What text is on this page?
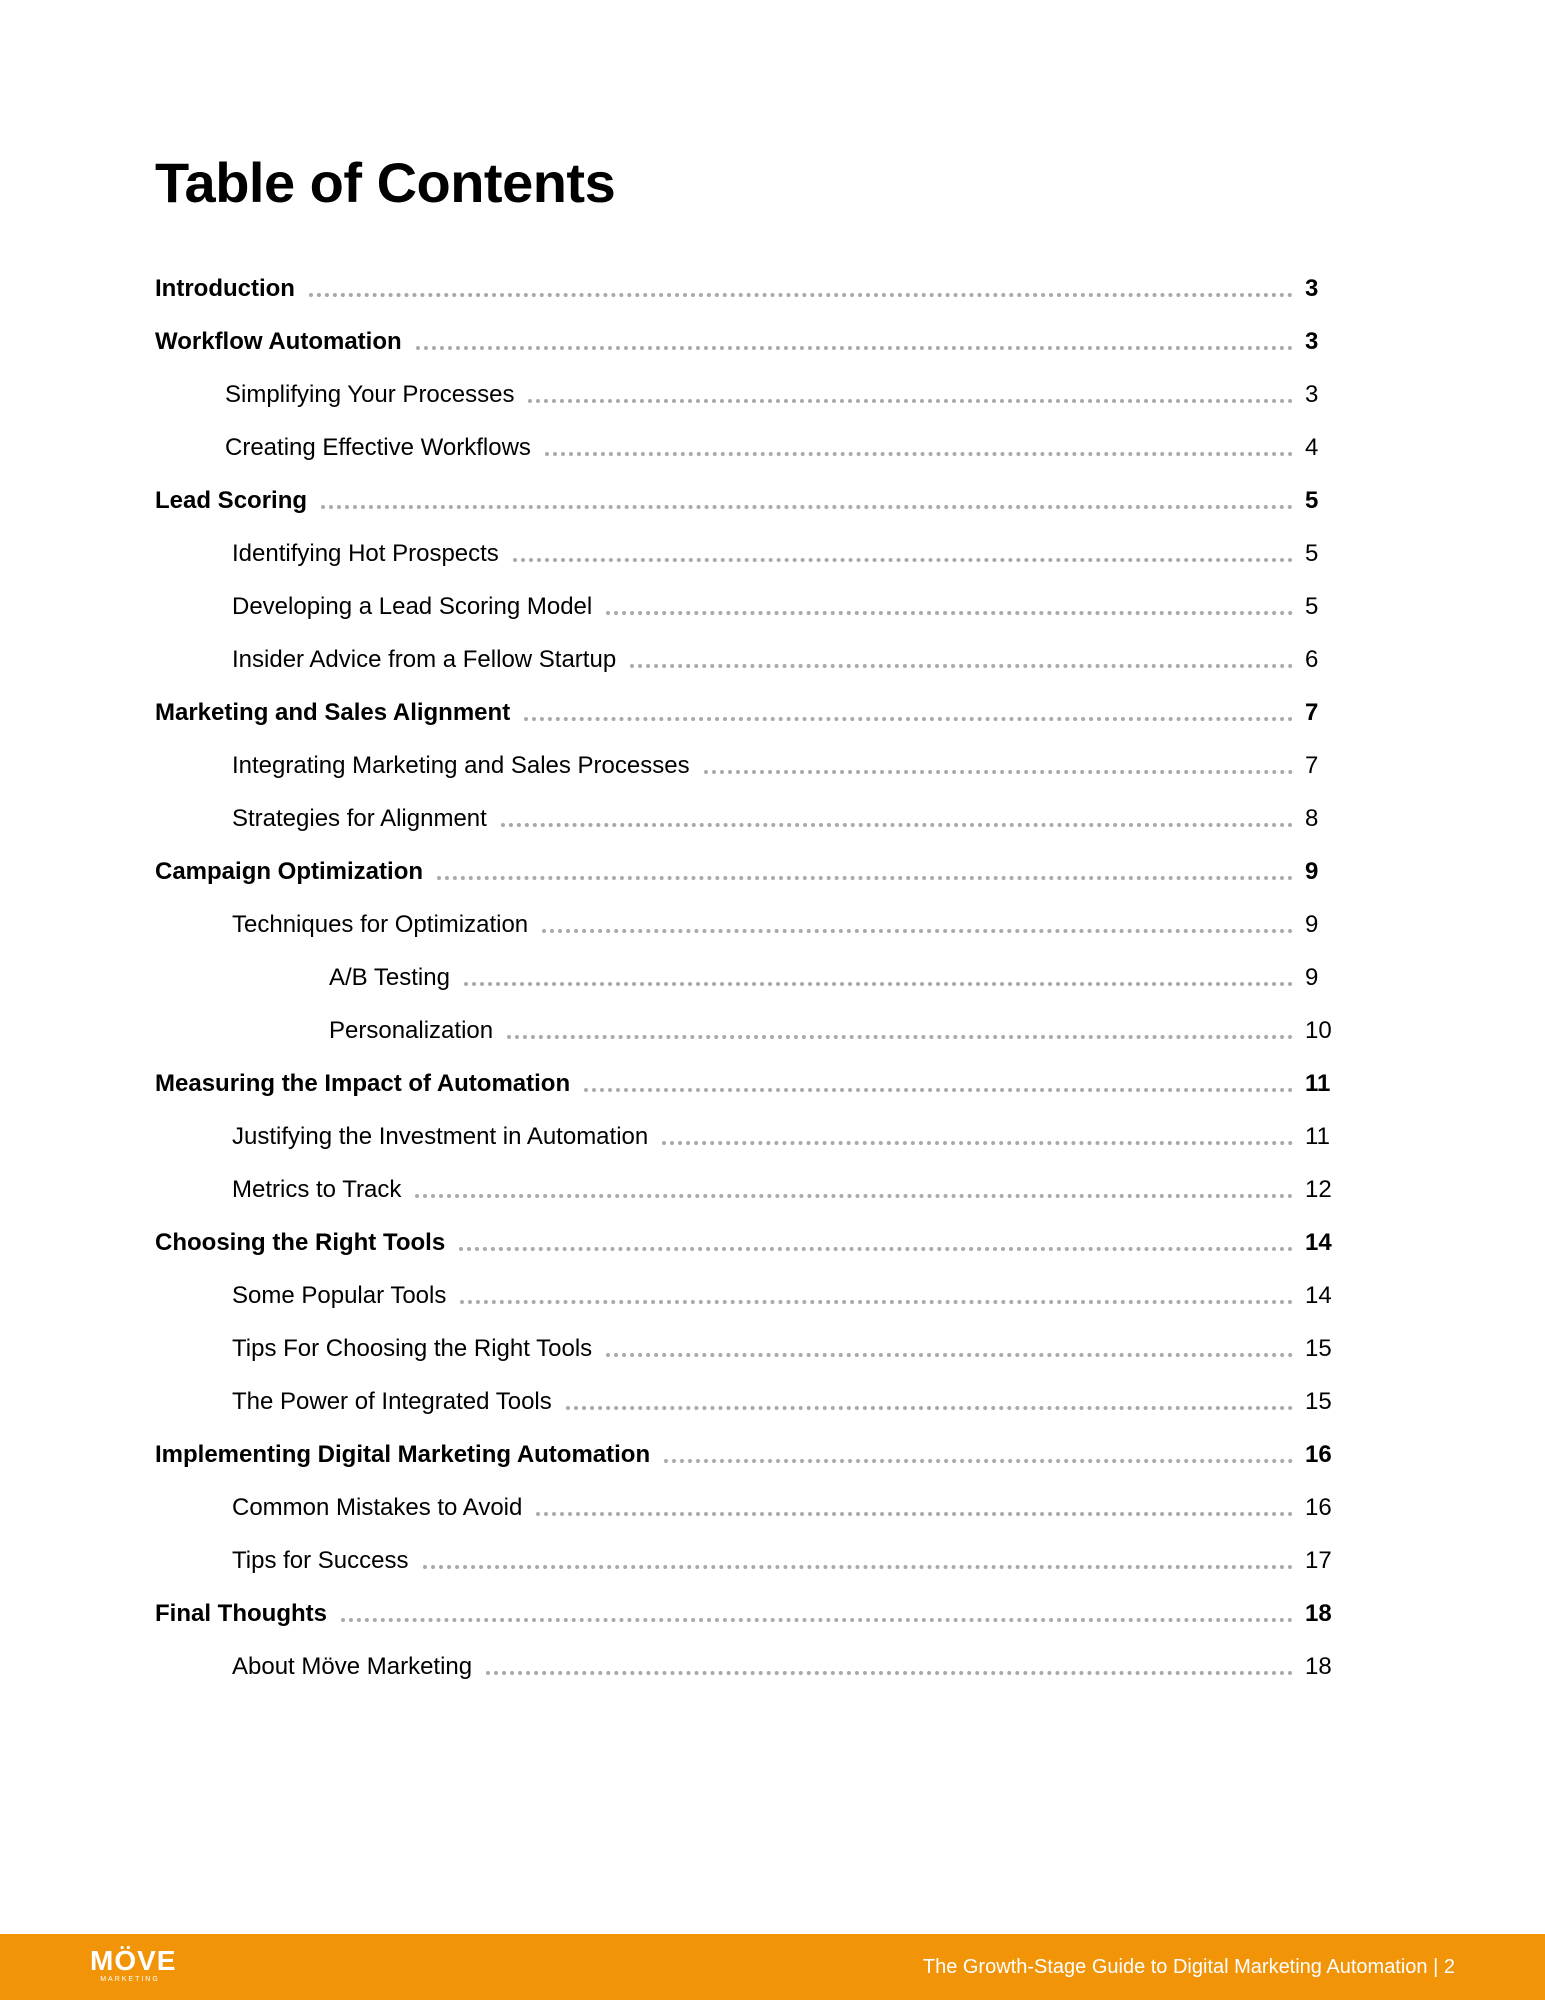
Table of Contents
Introduction	3
Workflow Automation	3
Simplifying Your Processes	3
Creating Effective Workflows	4
Lead Scoring	5
Identifying Hot Prospects	5
Developing a Lead Scoring Model	5
Insider Advice from a Fellow Startup	6
Marketing and Sales Alignment	7
Integrating Marketing and Sales Processes	7
Strategies for Alignment	8
Campaign Optimization	9
Techniques for Optimization	9
A/B Testing	9
Personalization	10
Measuring the Impact of Automation	11
Justifying the Investment in Automation	11
Metrics to Track	12
Choosing the Right Tools	14
Some Popular Tools	14
Tips For Choosing the Right Tools	15
The Power of Integrated Tools	15
Implementing Digital Marketing Automation	16
Common Mistakes to Avoid	16
Tips for Success	17
Final Thoughts	18
About Möve Marketing	18
MÖVE
MARKETING
The Growth-Stage Guide to Digital Marketing Automation | 2
